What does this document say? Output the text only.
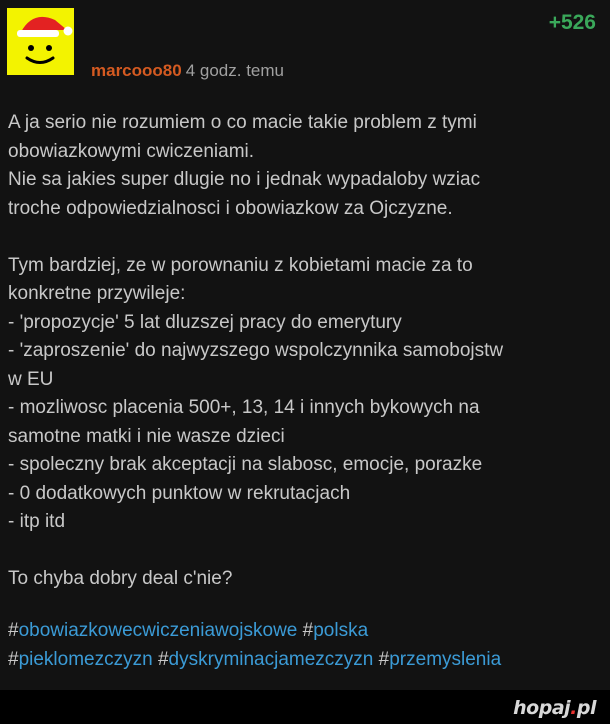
+526
marcooo80 4 godz. temu
A ja serio nie rozumiem o co macie takie problem z tymi
obowiazkowymi cwiczeniami.
Nie sa jakies super dlugie no i jednak wypadaloby wziac
troche odpowiedzialnosci i obowiazkow za Ojczyzne.

Tym bardziej, ze w porownaniu z kobietami macie za to
konkretne przywileje:
- 'propozycje' 5 lat dluzszej pracy do emerytury
- 'zaproszenie' do najwyzszego wspolczynnika samobojstw
w EU
- mozliwosc placenia 500+, 13, 14 i innych bykowych na
samotne matki i nie wasze dzieci
- spoleczny brak akceptacji na slabosc, emocje, porazke
- 0 dodatkowych punktow w rekrutacjach
- itp itd

To chyba dobry deal c'nie?
#obowiazkowecwiczeniawojskowe #polska
#pieklomezczyzn #dyskryminacjamezczyzn #przemyslenia
hopaj.pl
